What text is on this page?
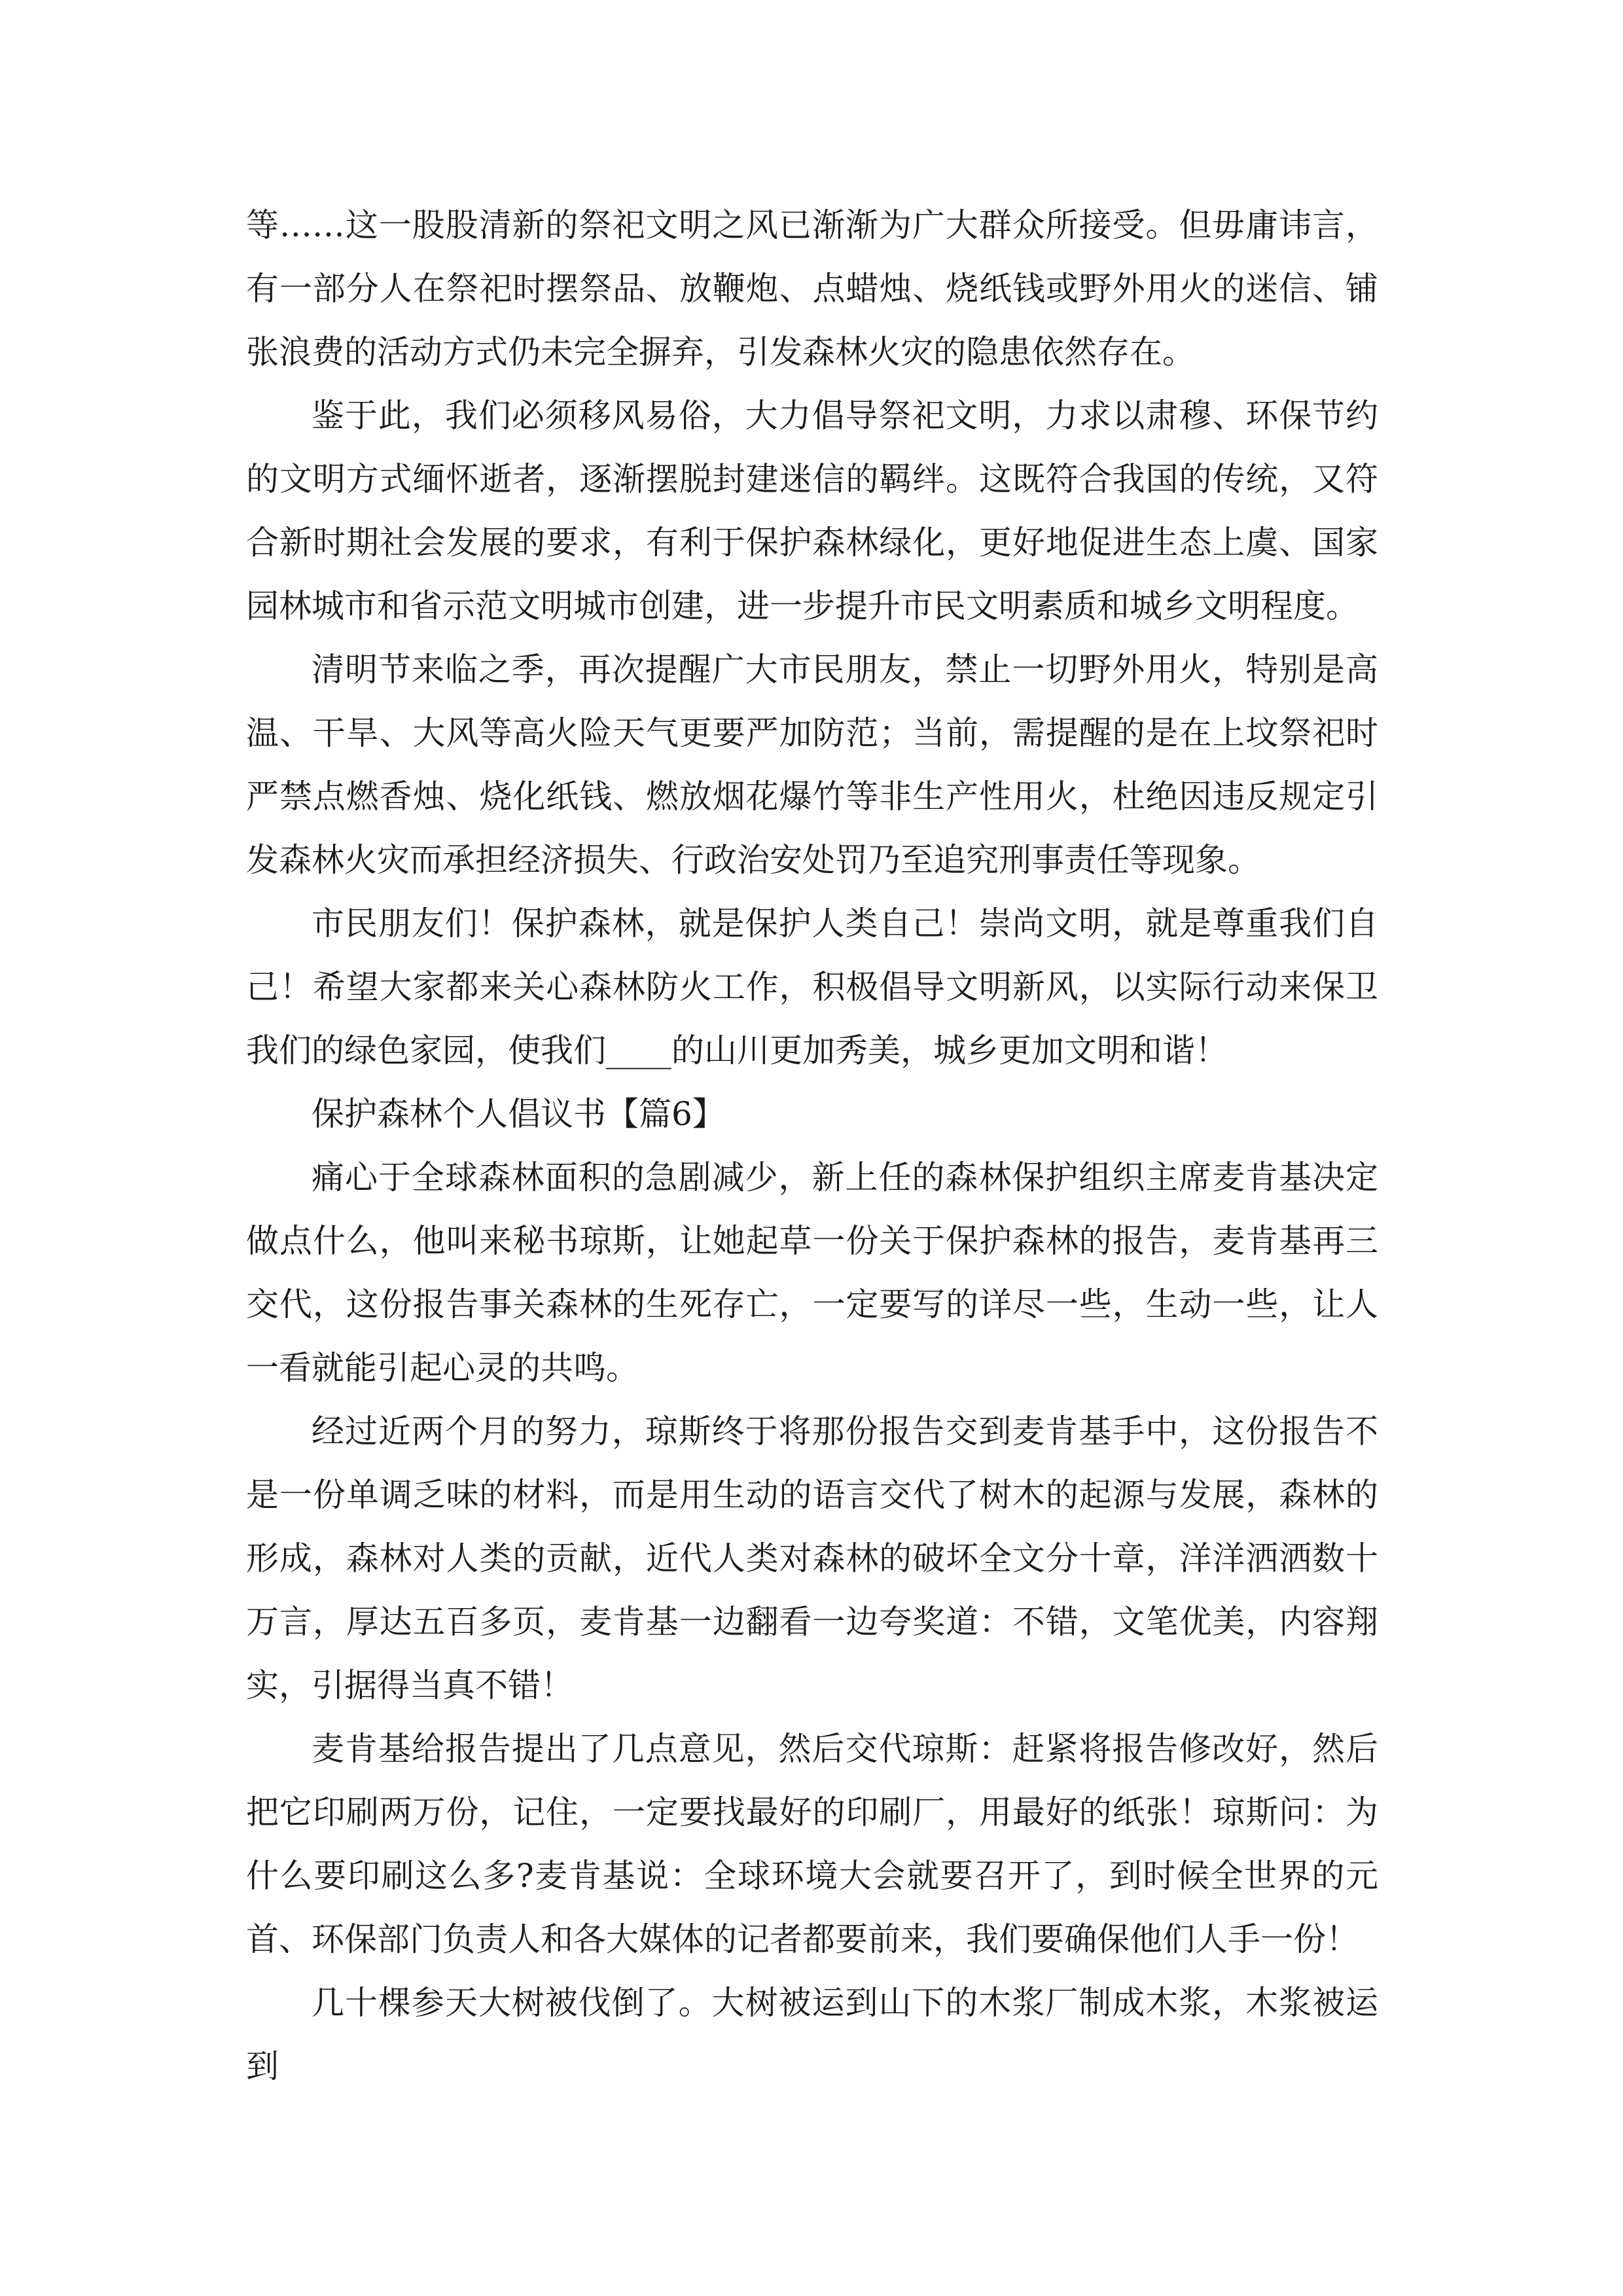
等……这一股股清新的祭祀文明之风已渐渐为广大群众所接受。但毋庸讳言，有一部分人在祭祀时摆祭品、放鞭炮、点蜡烛、烧纸钱或野外用火的迷信、铺张浪费的活动方式仍未完全摒弃，引发森林火灾的隐患依然存在。

鉴于此，我们必须移风易俗，大力倡导祭祀文明，力求以肃穆、环保节约的文明方式缅怀逝者，逐渐摆脱封建迷信的羁绊。这既符合我国的传统，又符合新时期社会发展的要求，有利于保护森林绿化，更好地促进生态上虞、国家园林城市和省示范文明城市创建，进一步提升市民文明素质和城乡文明程度。

清明节来临之季，再次提醒广大市民朋友，禁止一切野外用火，特别是高温、干旱、大风等高火险天气更要严加防范；当前，需提醒的是在上坟祭祀时严禁点燃香烛、烧化纸钱、燃放烟花爆竹等非生产性用火，杜绝因违反规定引发森林火灾而承担经济损失、行政治安处罚乃至追究刑事责任等现象。

市民朋友们！保护森林，就是保护人类自己！崇尚文明，就是尊重我们自己！希望大家都来关心森林防火工作，积极倡导文明新风，以实际行动来保卫我们的绿色家园，使我们____的山川更加秀美，城乡更加文明和谐！

保护森林个人倡议书【篇6】

痛心于全球森林面积的急剧减少，新上任的森林保护组织主席麦肯基决定做点什么，他叫来秘书琼斯，让她起草一份关于保护森林的报告，麦肯基再三交代，这份报告事关森林的生死存亡，一定要写的详尽一些，生动一些，让人一看就能引起心灵的共鸣。

经过近两个月的努力，琼斯终于将那份报告交到麦肯基手中，这份报告不是一份单调乏味的材料，而是用生动的语言交代了树木的起源与发展，森林的形成，森林对人类的贡献，近代人类对森林的破坏全文分十章，洋洋洒洒数十万言，厚达五百多页，麦肯基一边翻看一边夸奖道：不错，文笔优美，内容翔实，引据得当真不错！

麦肯基给报告提出了几点意见，然后交代琼斯：赶紧将报告修改好，然后把它印刷两万份，记住，一定要找最好的印刷厂，用最好的纸张！琼斯问：为什么要印刷这么多?麦肯基说：全球环境大会就要召开了，到时候全世界的元首、环保部门负责人和各大媒体的记者都要前来，我们要确保他们人手一份！

几十棵参天大树被伐倒了。大树被运到山下的木浆厂制成木浆，木浆被运到
